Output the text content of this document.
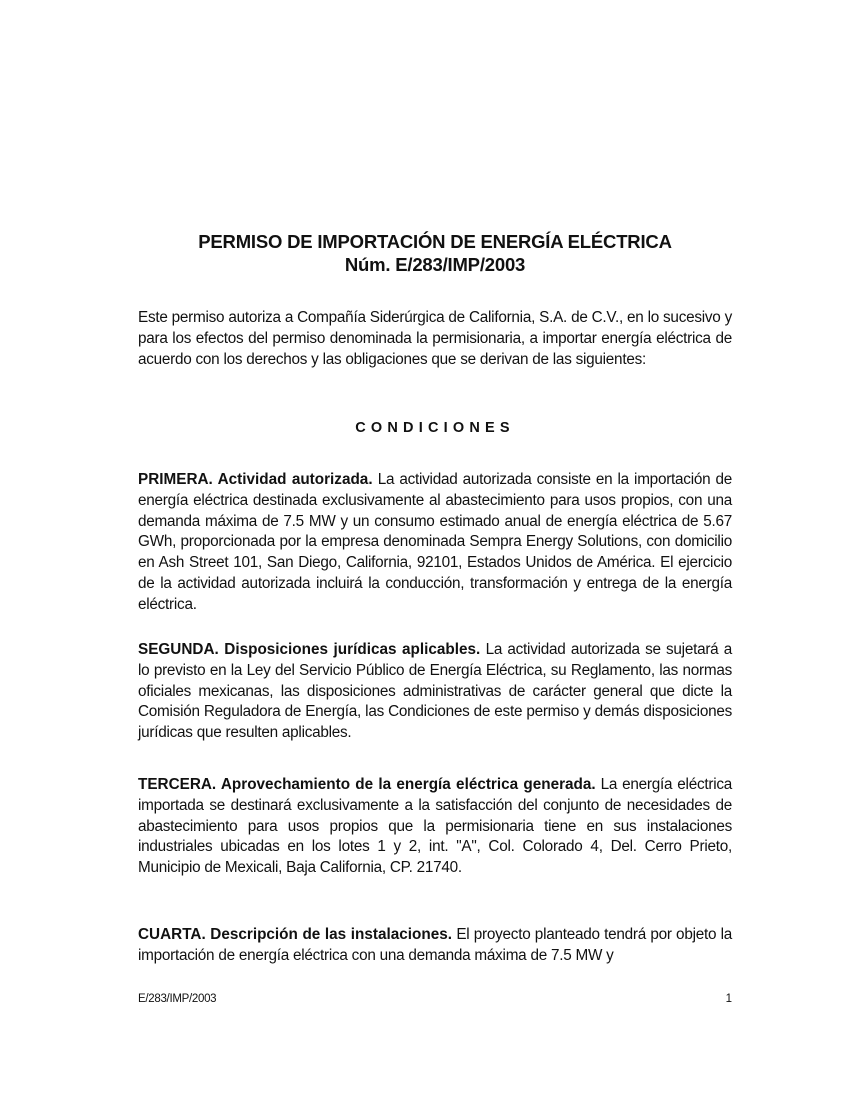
PERMISO DE IMPORTACIÓN DE ENERGÍA ELÉCTRICA
Núm. E/283/IMP/2003

Este permiso autoriza a Compañía Siderúrgica de California, S.A. de C.V., en lo sucesivo y para los efectos del permiso denominada la permisionaria, a importar energía eléctrica de acuerdo con los derechos y las obligaciones que se derivan de las siguientes:

CONDICIONES

PRIMERA. Actividad autorizada. La actividad autorizada consiste en la importación de energía eléctrica destinada exclusivamente al abastecimiento para usos propios, con una demanda máxima de 7.5 MW y un consumo estimado anual de energía eléctrica de 5.67 GWh, proporcionada por la empresa denominada Sempra Energy Solutions, con domicilio en Ash Street 101, San Diego, California, 92101, Estados Unidos de América. El ejercicio de la actividad autorizada incluirá la conducción, transformación y entrega de la energía eléctrica.

SEGUNDA. Disposiciones jurídicas aplicables. La actividad autorizada se sujetará a lo previsto en la Ley del Servicio Público de Energía Eléctrica, su Reglamento, las normas oficiales mexicanas, las disposiciones administrativas de carácter general que dicte la Comisión Reguladora de Energía, las Condiciones de este permiso y demás disposiciones jurídicas que resulten aplicables.

TERCERA. Aprovechamiento de la energía eléctrica generada. La energía eléctrica importada se destinará exclusivamente a la satisfacción del conjunto de necesidades de abastecimiento para usos propios que la permisionaria tiene en sus instalaciones industriales ubicadas en los lotes 1 y 2, int. "A", Col. Colorado 4, Del. Cerro Prieto, Municipio de Mexicali, Baja California, CP. 21740.

CUARTA. Descripción de las instalaciones. El proyecto planteado tendrá por objeto la importación de energía eléctrica con una demanda máxima de 7.5 MW y

E/283/IMP/2003	1
